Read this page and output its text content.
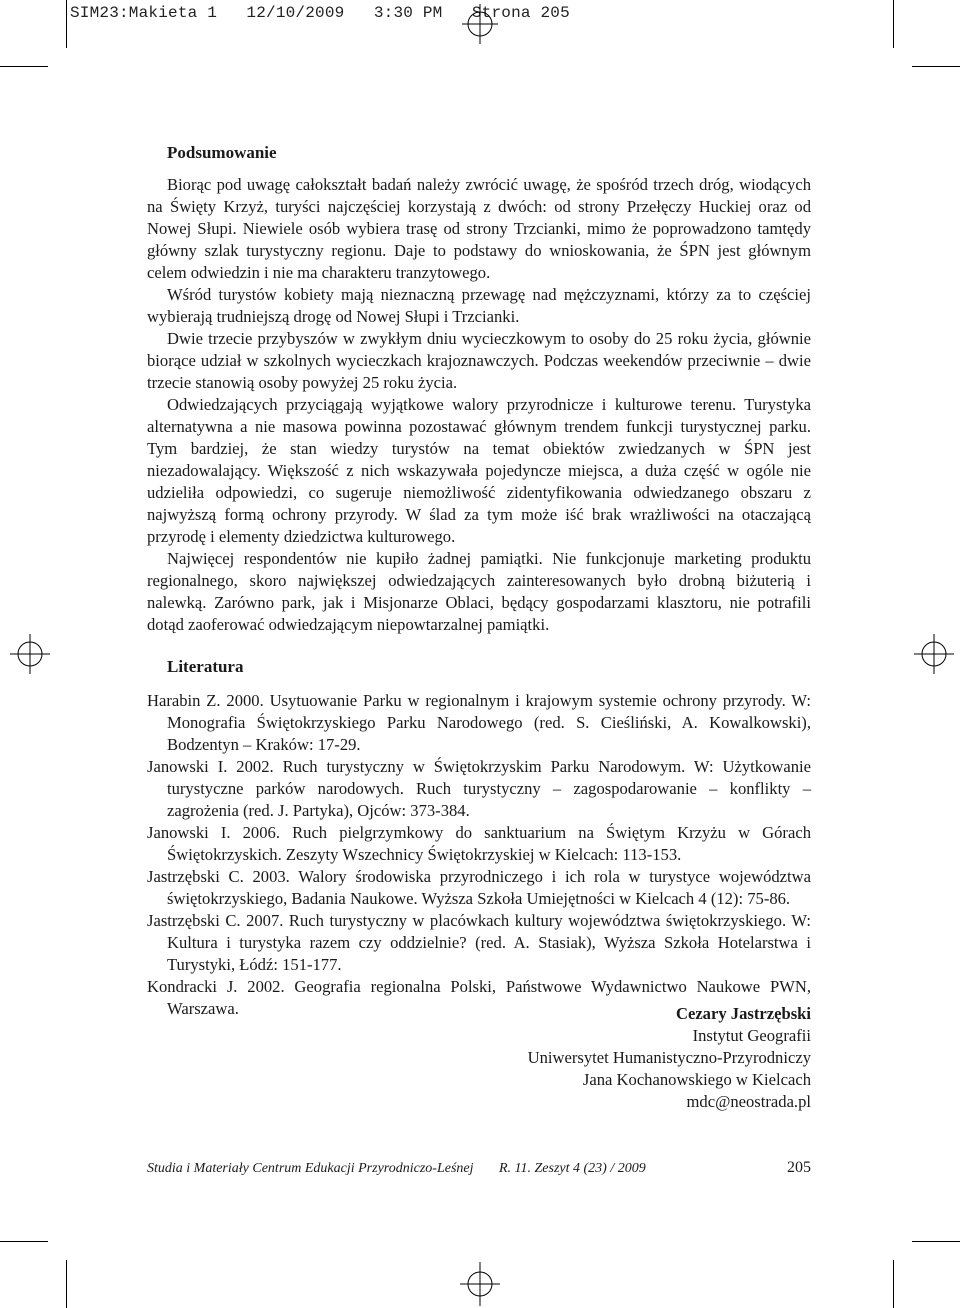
SIM23:Makieta 1   12/10/2009   3:30 PM   Strona 205
Podsumowanie

Biorąc pod uwagę całokształt badań należy zwrócić uwagę, że spośród trzech dróg, wiodących na Święty Krzyż, turyści najczęściej korzystają z dwóch: od strony Przełęczy Huckiej oraz od Nowej Słupi. Niewiele osób wybiera trasę od strony Trzcianki, mimo że poprowadzono tamtędy główny szlak turystyczny regionu. Daje to podstawy do wnioskowania, że ŚPN jest głównym celem odwiedzin i nie ma charakteru tranzytowego.

Wśród turystów kobiety mają nieznaczną przewagę nad mężczyznami, którzy za to częściej wybierają trudniejszą drogę od Nowej Słupi i Trzcianki.

Dwie trzecie przybyszów w zwykłym dniu wycieczkowym to osoby do 25 roku życia, głównie biorące udział w szkolnych wycieczkach krajoznawczych. Podczas weekendów przeciwnie – dwie trzecie stanowią osoby powyżej 25 roku życia.

Odwiedzających przyciągają wyjątkowe walory przyrodnicze i kulturowe terenu. Turystyka alternatywna a nie masowa powinna pozostawać głównym trendem funkcji turystycznej parku. Tym bardziej, że stan wiedzy turystów na temat obiektów zwiedzanych w ŚPN jest niezadowalający. Większość z nich wskazywała pojedyncze miejsca, a duża część w ogóle nie udzieliła odpowiedzi, co sugeruje niemożliwość zidentyfikowania odwiedzanego obszaru z najwyższą formą ochrony przyrody. W ślad za tym może iść brak wrażliwości na otaczającą przyrodę i elementy dziedzictwa kulturowego.

Najwięcej respondentów nie kupiło żadnej pamiątki. Nie funkcjonuje marketing produktu regionalnego, skoro największej odwiedzających zainteresowanych było drobną biżuterią i nalewką. Zarówno park, jak i Misjonarze Oblaci, będący gospodarzami klasztoru, nie potrafili dotąd zaoferować odwiedzającym niepowtarzalnej pamiątki.

Literatura

Harabin Z. 2000. Usytuowanie Parku w regionalnym i krajowym systemie ochrony przyrody. W: Monografia Świętokrzyskiego Parku Narodowego (red. S. Cieśliński, A. Kowalkowski), Bodzentyn – Kraków: 17-29.

Janowski I. 2002. Ruch turystyczny w Świętokrzyskim Parku Narodowym. W: Użytkowanie turystyczne parków narodowych. Ruch turystyczny – zagospodarowanie – konflikty – zagrożenia (red. J. Partyka), Ojców: 373-384.

Janowski I. 2006. Ruch pielgrzymkowy do sanktuarium na Świętym Krzyżu w Górach Świętokrzyskich. Zeszyty Wszechnicy Świętokrzyskiej w Kielcach: 113-153.

Jastrzębski C. 2003. Walory środowiska przyrodniczego i ich rola w turystyce województwa świętokrzyskiego, Badania Naukowe. Wyższa Szkoła Umiejętności w Kielcach 4 (12): 75-86.

Jastrzębski C. 2007. Ruch turystyczny w placówkach kultury województwa świętokrzyskiego. W: Kultura i turystyka razem czy oddzielnie? (red. A. Stasiak), Wyższa Szkoła Hotelarstwa i Turystyki, Łódź: 151-177.

Kondracki J. 2002. Geografia regionalna Polski, Państwowe Wydawnictwo Naukowe PWN, Warszawa.	Cezary Jastrzębski
Instytut Geografii
Uniwersytet Humanistyczno-Przyrodniczy
Jana Kochanowskiego w Kielcach
mdc@neostrada.pl
Studia i Materiały Centrum Edukacji Przyrodniczo-Leśnej R. 11. Zeszyt 4 (23) / 2009	205
